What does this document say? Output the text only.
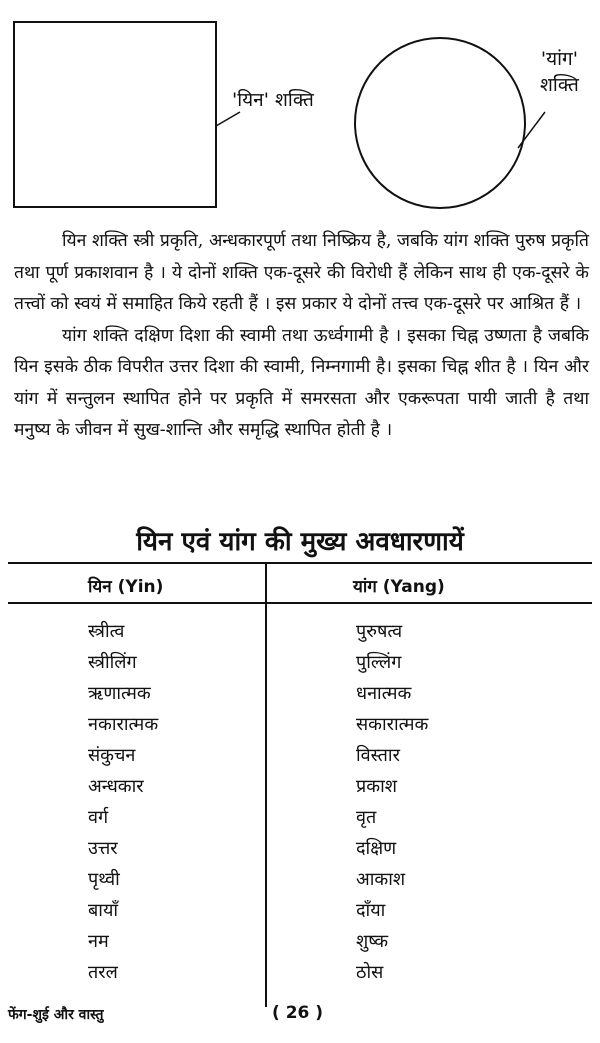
'यिन' शक्ति
'यांग'
शक्ति

यिन शक्ति स्त्री प्रकृति, अन्धकारपूर्ण तथा निष्क्रिय है, जबकि यांग शक्ति पुरुष प्रकृति तथा पूर्ण प्रकाशवान है । ये दोनों शक्ति एक-दूसरे की विरोधी हैं लेकिन साथ ही एक-दूसरे के तत्त्वों को स्वयं में समाहित किये रहती हैं । इस प्रकार ये दोनों तत्त्व एक-दूसरे पर आश्रित हैं ।

यांग शक्ति दक्षिण दिशा की स्वामी तथा ऊर्ध्वगामी है । इसका चिह्न उष्णता है जबकि यिन इसके ठीक विपरीत उत्तर दिशा की स्वामी, निम्नगामी है। इसका चिह्न शीत है । यिन और यांग में सन्तुलन स्थापित होने पर प्रकृति में समरसता और एकरूपता पायी जाती है तथा मनुष्य के जीवन में सुख-शान्ति और समृद्धि स्थापित होती है ।

यिन एवं यांग की मुख्य अवधारणायें
यिन (Yin)	यांग (Yang)
स्त्रीत्व
स्त्रीलिंग
ऋणात्मक
नकारात्मक
संकुचन
अन्धकार
वर्ग
उत्तर
पृथ्वी
बायाँ
नम
तरल
पुरुषत्व
पुल्लिंग
धनात्मक
सकारात्मक
विस्तार
प्रकाश
वृत
दक्षिण
आकाश
दाँया
शुष्क
ठोस
फेंग-शुई और वास्तु	( 26 )
